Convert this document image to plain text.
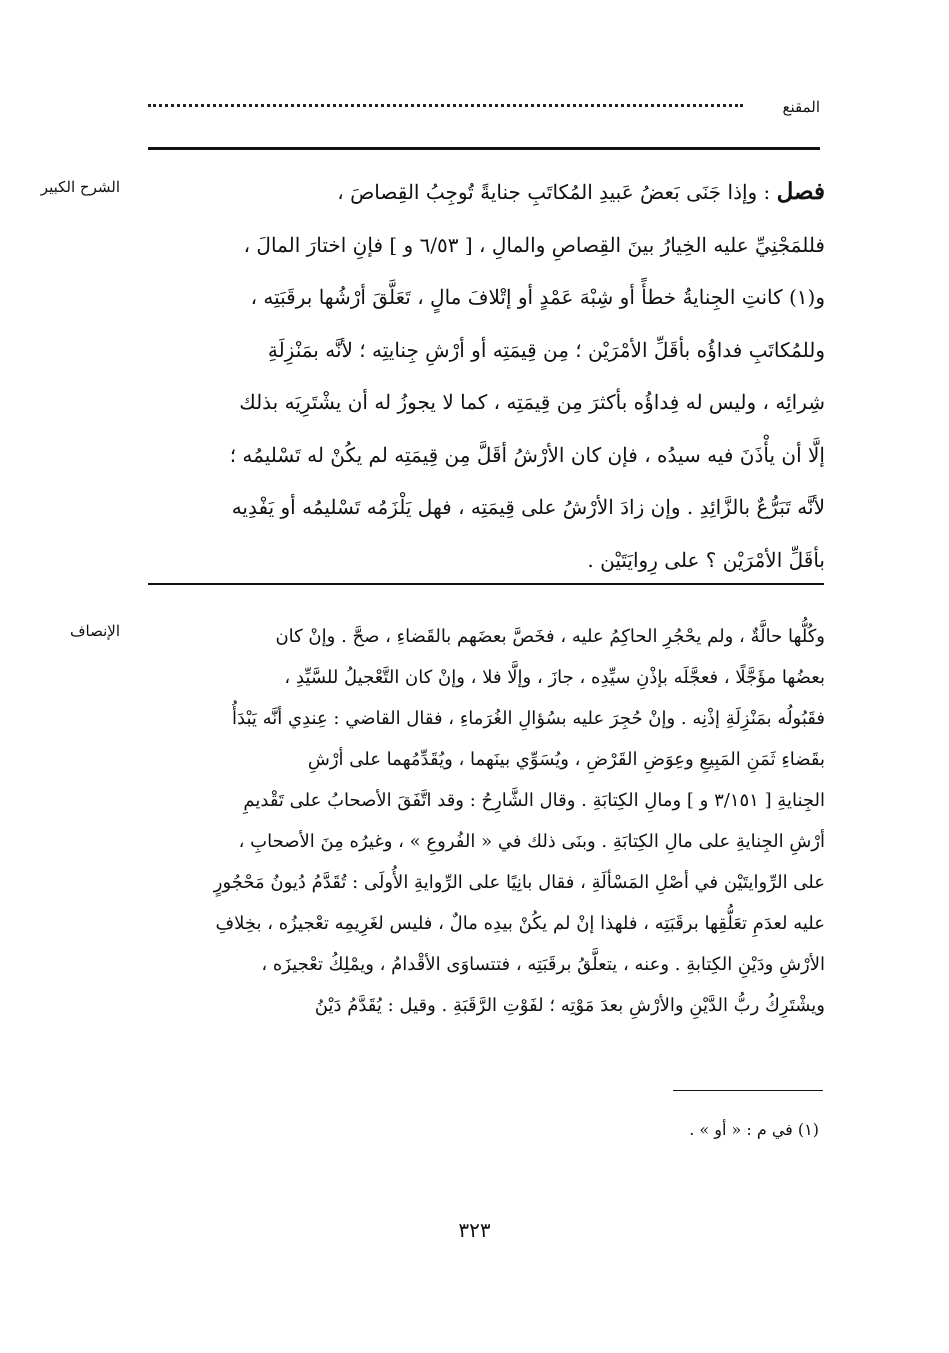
المقنع
الشرح الكبير	فصل : وإذا جَنَى بَعضُ عَبيدِ المُكاتَبِ جنايةً تُوجِبُ القِصاصَ ،
فللمَجْنِيِّ عليه الخِيارُ بينَ القِصاصِ والمالِ ، [ ٦/٥٣ و ] فإنِ اختارَ المالَ ،
و(١) كانتِ الجِنايةُ خطأً أو شِبْهَ عَمْدٍ أو إتْلافَ مالٍ ، تَعَلَّقَ أرْشُها برقَبَتِه ،
وللمُكاتَبِ فداؤُه بأقَلِّ الأمْرَيْن ؛ مِن قِيمَتِه أو أرْشِ جِنايتِه ؛ لأنَّه بمَنْزِلَةِ
شِرائِه ، وليس له فِداؤُه بأكثرَ مِن قِيمَتِه ، كما لا يجوزُ له أن يشْتَرِيَه بذلك
إلَّا أن يأْذَنَ فيه سيدُه ، فإن كان الأرْشُ أقَلَّ مِن قِيمَتِه لم يكُنْ له تَسْليمُه ؛
لأنَّه تَبَرُّعٌ بالزَّائِدِ . وإن زادَ الأرْشُ على قِيمَتِه ، فهل يَلْزَمُه تَسْليمُه أو يَفْدِيه
بأقَلِّ الأمْرَيْن ؟ على رِوايَتَيْن .
الإنصاف	وكُلُّها حالَّةٌ ، ولم يحْجُرِ الحاكِمُ عليه ، فخَصَّ بعضَهم بالقَضاءِ ، صحَّ . وإنْ كان
بعضُها مؤَجَّلًا ، فعجَّلَه بإذْنِ سيِّدِه ، جازَ ، وإلَّا فلا ، وإنْ كان التَّعْجيلُ للسَّيِّدِ ،
فقَبُولُه بمَنْزِلَةِ إذْنِه . وإنْ حُجِرَ عليه بسُؤالِ الغُرَماءِ ، فقال القاضي : عِندِي أنَّه يَبْدَأُ
بقَضاءِ ثَمَنِ المَبِيعِ وعِوَضِ القَرْضِ ، ويُسَوِّي بينَهما ، ويُقَدِّمُهما على أرْشِ
الجِنايةِ [ ٣/١٥١ و ] ومالِ الكِتابَةِ . وقال الشَّارِحُ : وقد اتَّفَقَ الأصحابُ على تَقْديمِ
أرْشِ الجِنايةِ على مالِ الكِتابَةِ . وبنَى ذلك في « الفُروعِ » ، وغيرُه مِنَ الأصحابِ ،
على الرِّوايتَيْن في أصْلِ المَسْألَةِ ، فقال بانِيًا على الرِّوايةِ الأُولَى : تُقَدَّمُ دُيونُ مَحْجُورٍ
عليه لعدَمِ تعَلُّقِها برقَبَتِه ، فلهذا إنْ لم يكُنْ بيدِه مالٌ ، فليس لغَرِيمِه تعْجيزُه ، بخِلافِ
الأرْشِ ودَيْنِ الكِتابةِ . وعنه ، يتعلَّقُ برقَبَتِه ، فتتساوَى الأقْدامُ ، ويمْلِكُ تعْجيزَه ،
ويشْتَرِكُ ربُّ الدَّيْنِ والأرْشِ بعدَ مَوْتِه ؛ لفَوْتِ الرَّقَبَةِ . وقيل : يُقَدَّمُ دَيْنُ
(١) في م : « أو » .
٣٢٣
